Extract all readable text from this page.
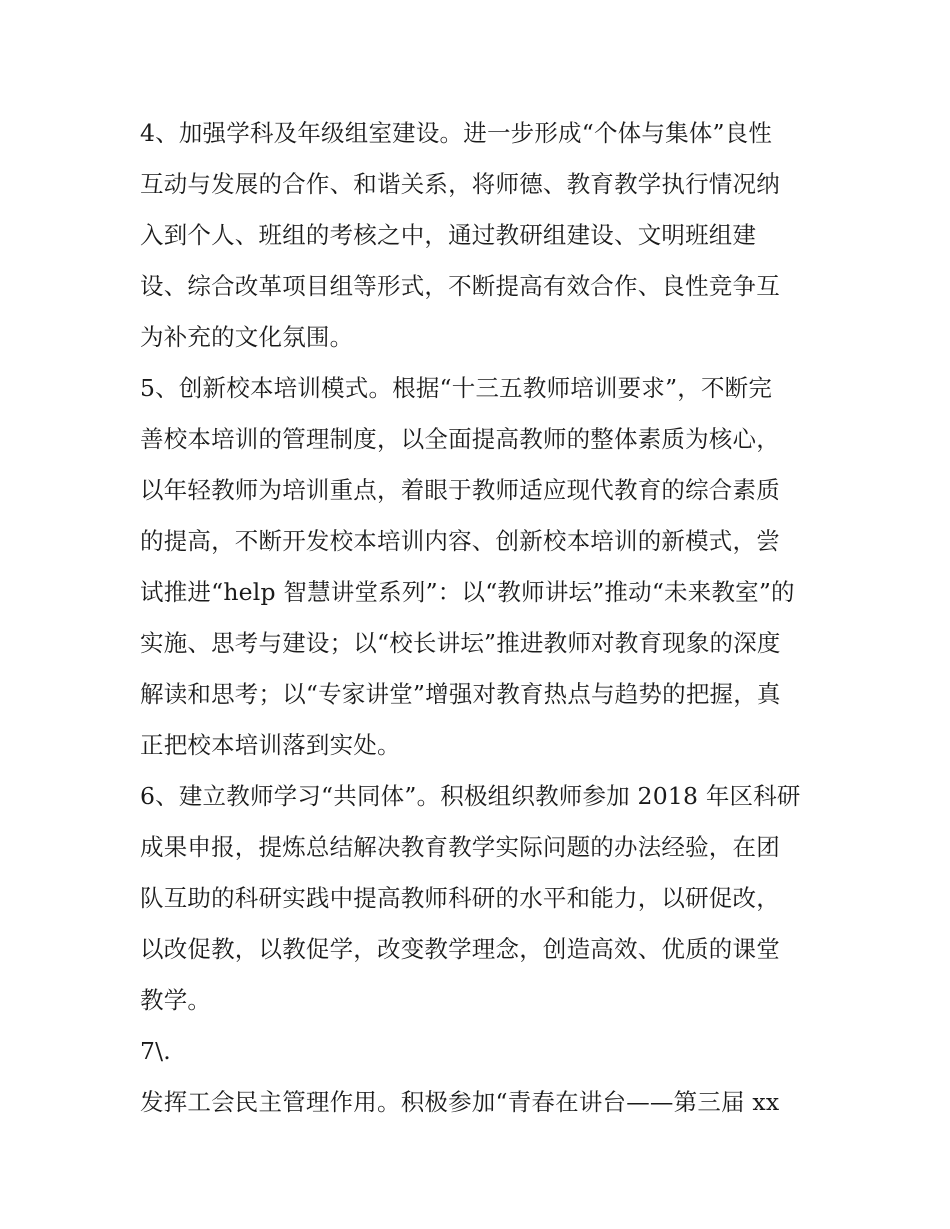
4、加强学科及年级组室建设。进一步形成“个体与集体”良性
互动与发展的合作、和谐关系，将师德、教育教学执行情况纳
入到个人、班组的考核之中，通过教研组建设、文明班组建
设、综合改革项目组等形式，不断提高有效合作、良性竞争互
为补充的文化氛围。
5、创新校本培训模式。根据“十三五教师培训要求”，不断完
善校本培训的管理制度，以全面提高教师的整体素质为核心，
以年轻教师为培训重点，着眼于教师适应现代教育的综合素质
的提高，不断开发校本培训内容、创新校本培训的新模式，尝
试推进“help 智慧讲堂系列”：以“教师讲坛”推动“未来教室”的
实施、思考与建设；以“校长讲坛”推进教师对教育现象的深度
解读和思考；以“专家讲堂”增强对教育热点与趋势的把握，真
正把校本培训落到实处。
6、建立教师学习“共同体”。积极组织教师参加 2018 年区科研
成果申报，提炼总结解决教育教学实际问题的办法经验，在团
队互助的科研实践中提高教师科研的水平和能力，以研促改，
以改促教，以教促学，改变教学理念，创造高效、优质的课堂
教学。
7\.
发挥工会民主管理作用。积极参加“青春在讲台——第三届 xx
